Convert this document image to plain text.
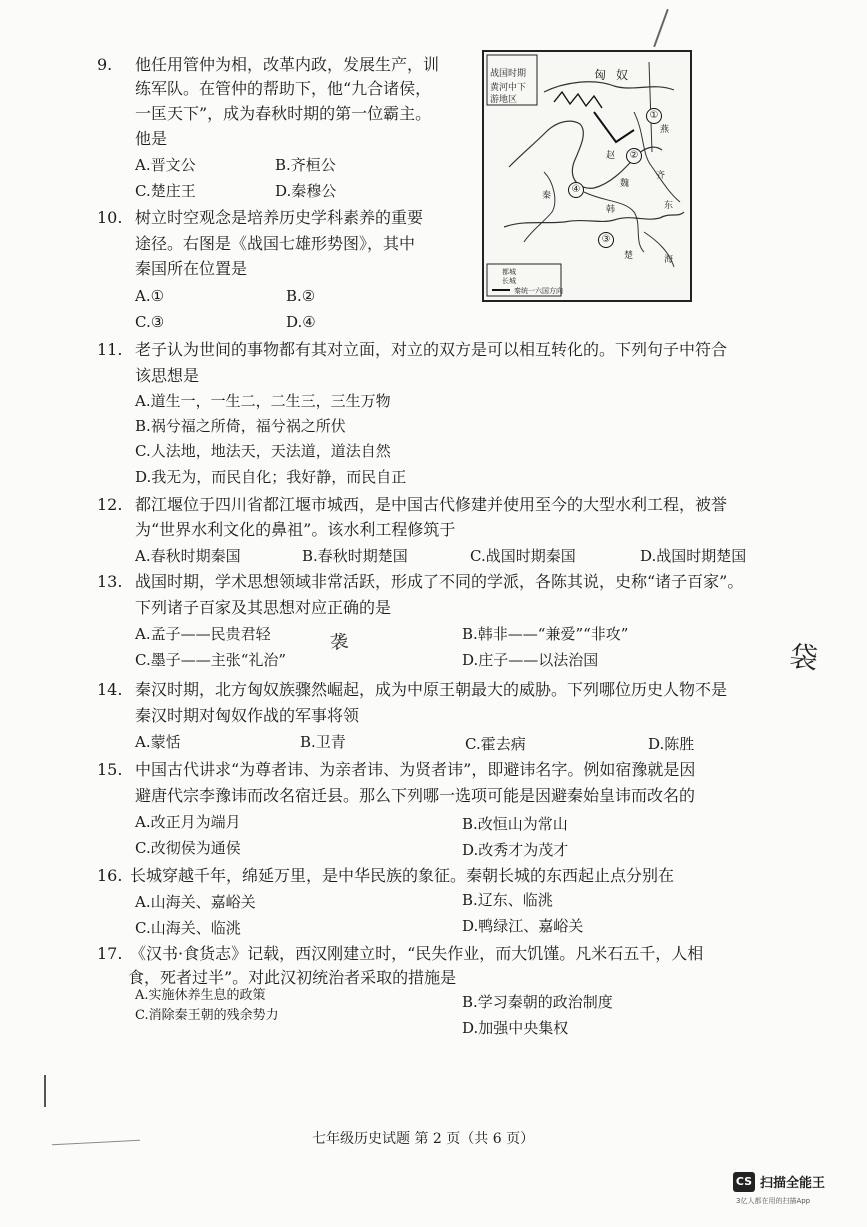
9. 他任用管仲为相，改革内政，发展生产，训
练军队。在管仲的帮助下，他“九合诸侯，
一匡天下”，成为春秋时期的第一位霸主。
他是
A.晋文公	B.齐桓公
C.楚庄王	D.秦穆公
10. 树立时空观念是培养历史学科素养的重要
途径。右图是《战国七雄形势图》，其中
秦国所在位置是
A.①	B.②
C.③	D.④
战国 时期
黄河 中下
游地区
匈 奴
赵
燕
齐
魏
韩
楚
秦
东
海
①
②
③
④
都城
长城
秦统一六国方向
11. 老子认为世间的事物都有其对立面，对立的双方是可以相互转化的。下列句子中符合
该思想是
A.道生一，一生二，二生三，三生万物
B.祸兮福之所倚，福兮祸之所伏
C.人法地，地法天，天法道，道法自然
D.我无为，而民自化；我好静，而民自正
12. 都江堰位于四川省都江堰市城西，是中国古代修建并使用至今的大型水利工程，被誉
为“世界水利文化的鼻祖”。该水利工程修筑于
A.春秋时期秦国	B.春秋时期楚国	C.战国时期秦国	D.战国时期楚国
13. 战国时期，学术思想领域非常活跃，形成了不同的学派，各陈其说，史称“诸子百家”。
下列诸子百家及其思想对应正确的是
A.孟子——民贵君轻	B.韩非——“兼爱”“非攻”
C.墨子——主张“礼治”	D.庄子——以法治国
袭	袋
14. 秦汉时期，北方匈奴族骤然崛起，成为中原王朝最大的威胁。下列哪位历史人物不是
秦汉时期对匈奴作战的军事将领
A.蒙恬	B.卫青	C.霍去病	D.陈胜
15. 中国古代讲求“为尊者讳、为亲者讳、为贤者讳”，即避讳名字。例如宿豫就是因
避唐代宗李豫讳而改名宿迁县。那么下列哪一选项可能是因避秦始皇讳而改名的
A.改正月为端月	B.改恒山为常山
C.改彻侯为通侯	D.改秀才为茂才
16. 长城穿越千年，绵延万里，是中华民族的象征。秦朝长城的东西起止点分别在
A.山海关、嘉峪关	B.辽东、临洮
C.山海关、临洮	D.鸭绿江、嘉峪关
17. 《汉书·食货志》记载，西汉刚建立时，“民失作业，而大饥馑。凡米石五千，人相
食，死者过半”。对此汉初统治者采取的措施是
A.实施休养生息的政策	B.学习秦朝的政治制度
C.消除秦王朝的残余势力
D.加强中央集权
七年级历史试题 第 2 页（共 6 页）
CS 扫描全能王
3亿人都在用的扫描App
